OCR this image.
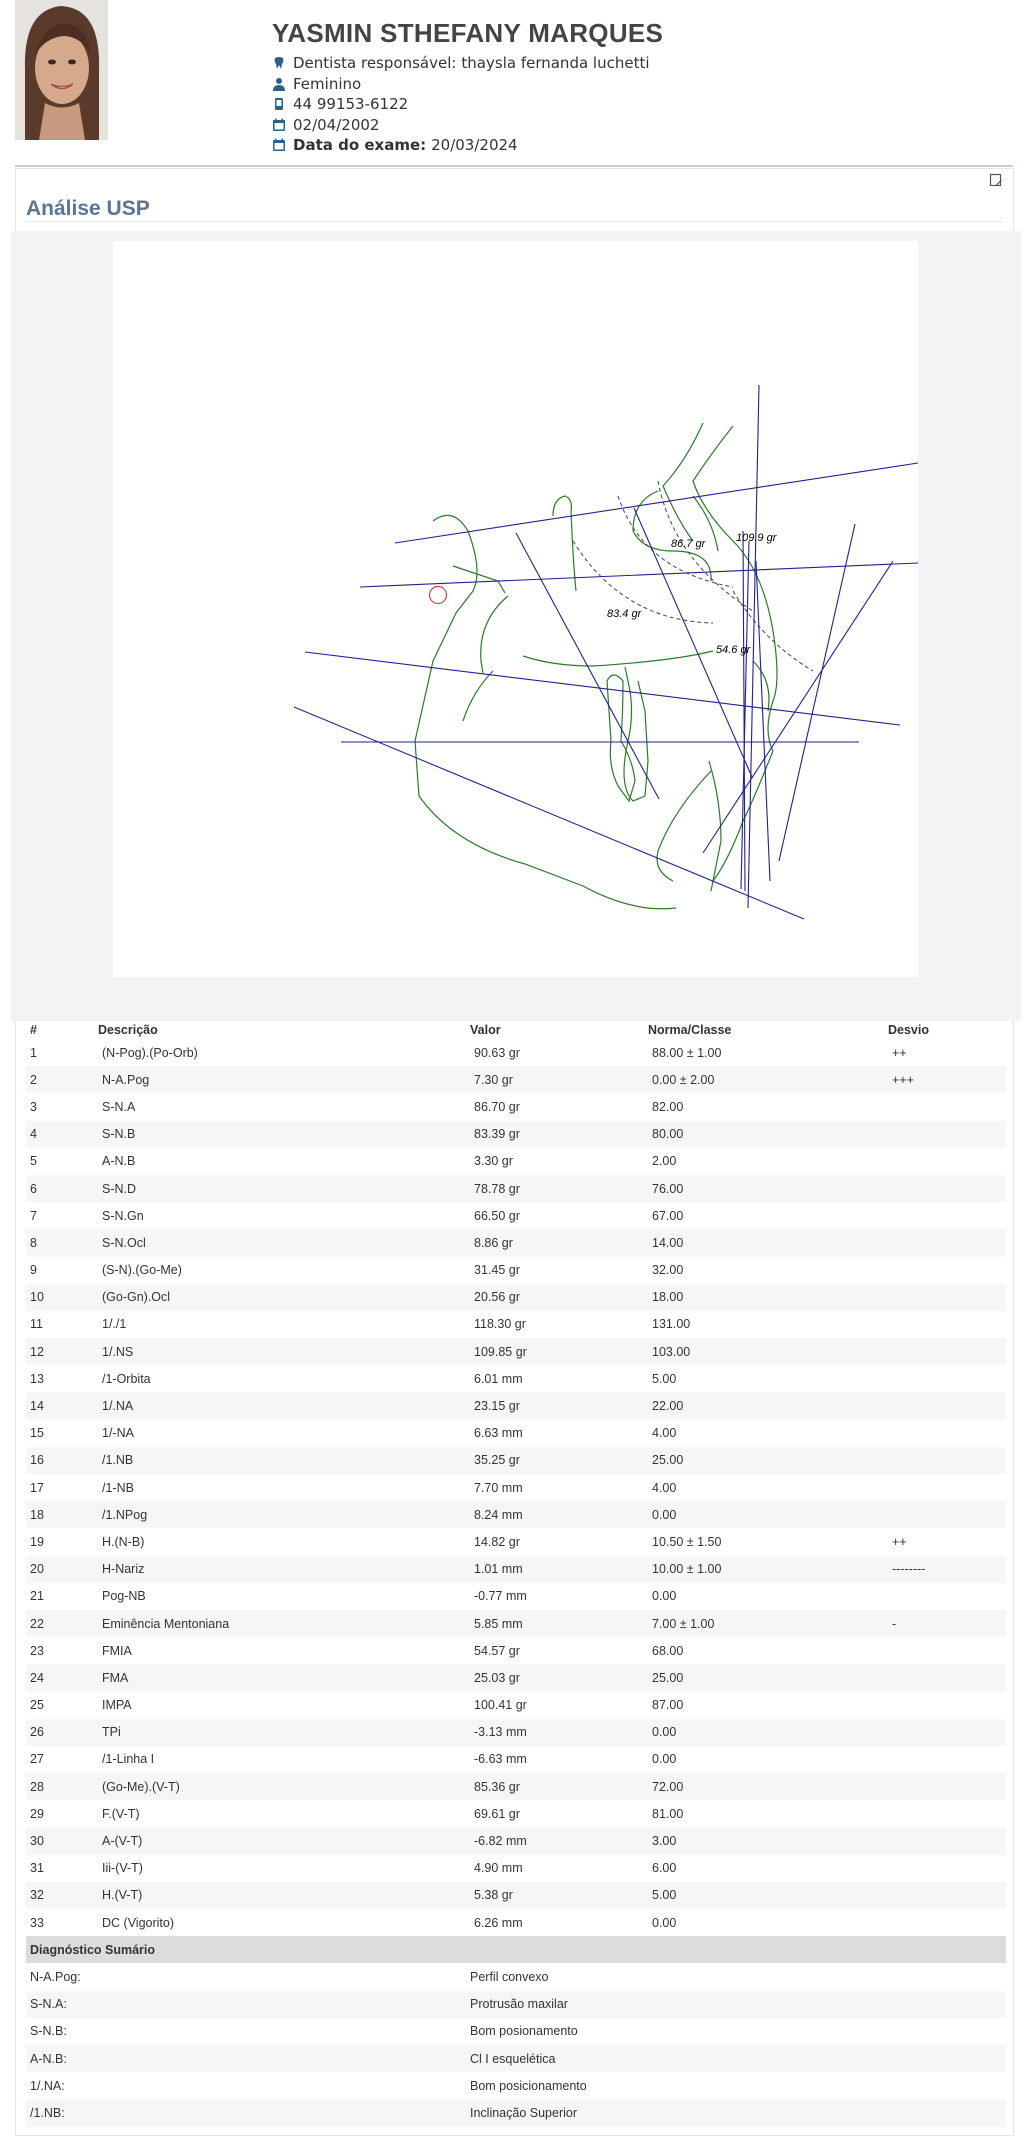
YASMIN STHEFANY MARQUES
Dentista responsável: thaysla fernanda luchetti
Feminino
44 99153-6122
02/04/2002
Data do exame: 20/03/2024
Análise USP
86.7 gr	109.9 gr
83.4 gr
54.6 gr
#	Descrição	Valor	Norma/Classe	Desvio
1	(N-Pog).(Po-Orb)	90.63 gr	88.00 ± 1.00	++
2	N-A.Pog	7.30 gr	0.00 ± 2.00	+++
3	S-N.A	86.70 gr	82.00	
4	S-N.B	83.39 gr	80.00	
5	A-N.B	3.30 gr	2.00	
6	S-N.D	78.78 gr	76.00	
7	S-N.Gn	66.50 gr	67.00	
8	S-N.Ocl	8.86 gr	14.00	
9	(S-N).(Go-Me)	31.45 gr	32.00	
10	(Go-Gn).Ocl	20.56 gr	18.00	
11	1/./1	118.30 gr	131.00	
12	1/.NS	109.85 gr	103.00	
13	/1-Orbita	6.01 mm	5.00	
14	1/.NA	23.15 gr	22.00	
15	1/-NA	6.63 mm	4.00	
16	/1.NB	35.25 gr	25.00	
17	/1-NB	7.70 mm	4.00	
18	/1.NPog	8.24 mm	0.00	
19	H.(N-B)	14.82 gr	10.50 ± 1.50	++
20	H-Nariz	1.01 mm	10.00 ± 1.00	--------
21	Pog-NB	-0.77 mm	0.00	
22	Eminência Mentoniana	5.85 mm	7.00 ± 1.00	-
23	FMIA	54.57 gr	68.00	
24	FMA	25.03 gr	25.00	
25	IMPA	100.41 gr	87.00	
26	TPi	-3.13 mm	0.00	
27	/1-Linha I	-6.63 mm	0.00	
28	(Go-Me).(V-T)	85.36 gr	72.00	
29	F.(V-T)	69.61 gr	81.00	
30	A-(V-T)	-6.82 mm	3.00	
31	Iii-(V-T)	4.90 mm	6.00	
32	H.(V-T)	5.38 gr	5.00	
33	DC (Vigorito)	6.26 mm	0.00	
Diagnóstico Sumário				
N-A.Pog:		Perfil convexo		
S-N.A:		Protrusão maxilar		
S-N.B:		Bom posionamento		
A-N.B:		Cl I esquelética		
1/.NA:		Bom posicionamento		
/1.NB:		Inclinação Superior		
